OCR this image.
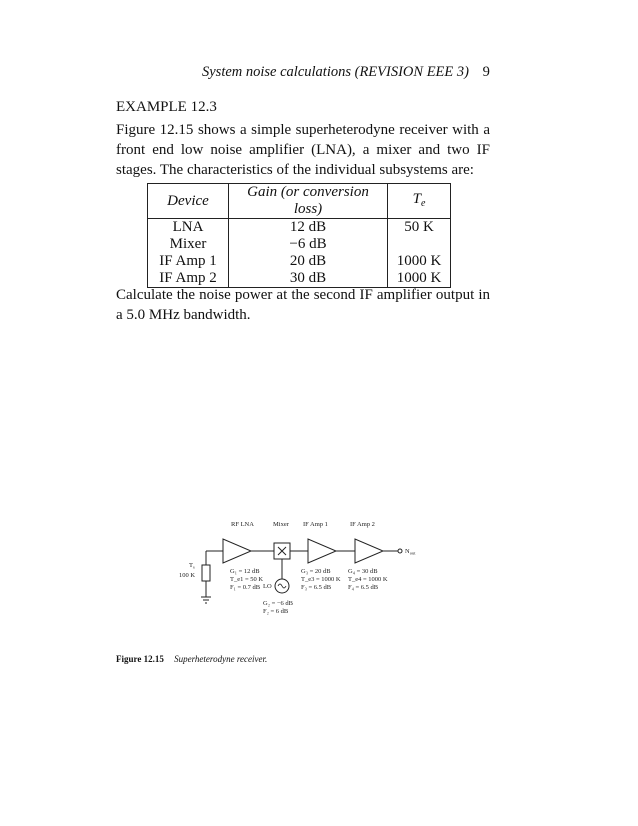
System noise calculations (REVISION EEE 3) 9
EXAMPLE 12.3
Figure 12.15 shows a simple superheterodyne receiver with a front end low noise amplifier (LNA), a mixer and two IF stages. The characteristics of the individual subsystems are:
Device	Gain (or conversion loss)	$T_e$
LNA	12 dB	50 K
Mixer	−6 dB	
IF Amp 1	20 dB	1000 K
IF Amp 2	30 dB	1000 K
Calculate the noise power at the second IF amplifier output in a 5.0 MHz bandwidth.
RF LNA	Mixer IF Amp 1	IF Amp 2
$T_s$
100 K
$N_{out}$
LO
G₁ = 12 dB
T_e1 = 50 K
F₁ = 0.7 dB
G₂ = −6 dB
F₂ = 6 dB
G₃ = 20 dB
T_e3 = 1000 K
F₃ = 6.5 dB
G₄ = 30 dB
T_e4 = 1000 K
F₄ = 6.5 dB
Figure 12.15 Superheterodyne receiver.
